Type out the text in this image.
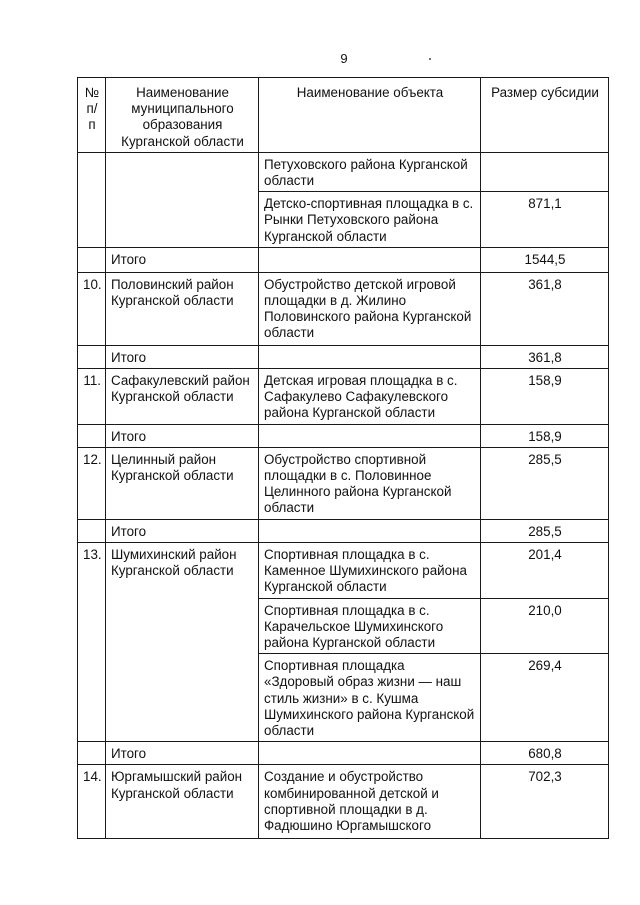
9
№ п/п	Наименование муниципального образования Курганской области	Наименование объекта	Размер субсидии
		Петуховского района Курганской области	
		Детско-спортивная площадка в с. Рынки Петуховского района Курганской области	871,1
	Итого		1544,5
10.	Половинский район Курганской области	Обустройство детской игровой площадки в д. Жилино Половинского района Курганской области	361,8
	Итого		361,8
11.	Сафакулевский район Курганской области	Детская игровая площадка в с. Сафакулево Сафакулевского района Курганской области	158,9
	Итого		158,9
12.	Целинный район Курганской области	Обустройство спортивной площадки в с. Половинное Целинного района Курганской области	285,5
	Итого		285,5
13.	Шумихинский район Курганской области	Спортивная площадка в с. Каменное Шумихинского района Курганской области	201,4
		Спортивная площадка в с. Карачельское Шумихинского района Курганской области	210,0
		Спортивная площадка «Здоровый образ жизни — наш стиль жизни» в с. Кушма Шумихинского района Курганской области	269,4
	Итого		680,8
14.	Юргамышский район Курганской области	Создание и обустройство комбинированной детской и спортивной площадки в д. Фадюшино Юргамышского	702,3
